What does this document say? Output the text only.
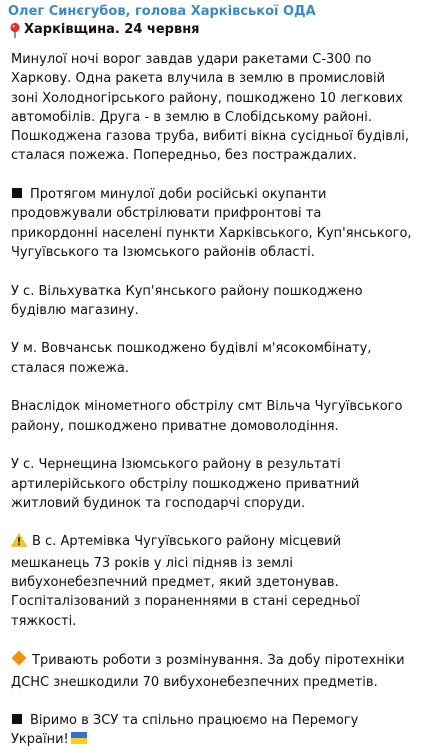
Олег Синєгубов, голова Харківської ОДА
Харківщина. 24 червня

Минулої ночі ворог завдав удари ракетами С-300 по Харкову. Одна ракета влучила в землю в промисловій зоні Холодногірського району, пошкоджено 10 легкових автомобілів. Друга - в землю в Слобідському районі. Пошкоджена газова труба, вибиті вікна сусідньої будівлі, сталася пожежа. Попередньо, без постраждалих.

Протягом минулої доби російські окупанти продовжували обстрілювати прифронтові та прикордонні населені пункти Харківського, Куп'янського, Чугуївського та Ізюмського районів області.

У с. Вільхуватка Куп'янського району пошкоджено будівлю магазину.

У м. Вовчанськ пошкоджено будівлі м'ясокомбінату, сталася пожежа.

Внаслідок мінометного обстрілу смт Вільча Чугуївського району, пошкоджено приватне домоволодіння.

У с. Чернещина Ізюмського району в результаті артилерійського обстрілу пошкоджено приватний житловий будинок та господарчі споруди.

В с. Артемівка Чугуївського району місцевий мешканець 73 років у лісі підняв із землі вибухонебезпечний предмет, який здетонував. Госпіталізований з пораненнями в стані середньої тяжкості.

Тривають роботи з розмінування. За добу піротехніки ДСНС знешкодили 70 вибухонебезпечних предметів.

Віримо в ЗСУ та спільно працюємо на Перемогу України!
